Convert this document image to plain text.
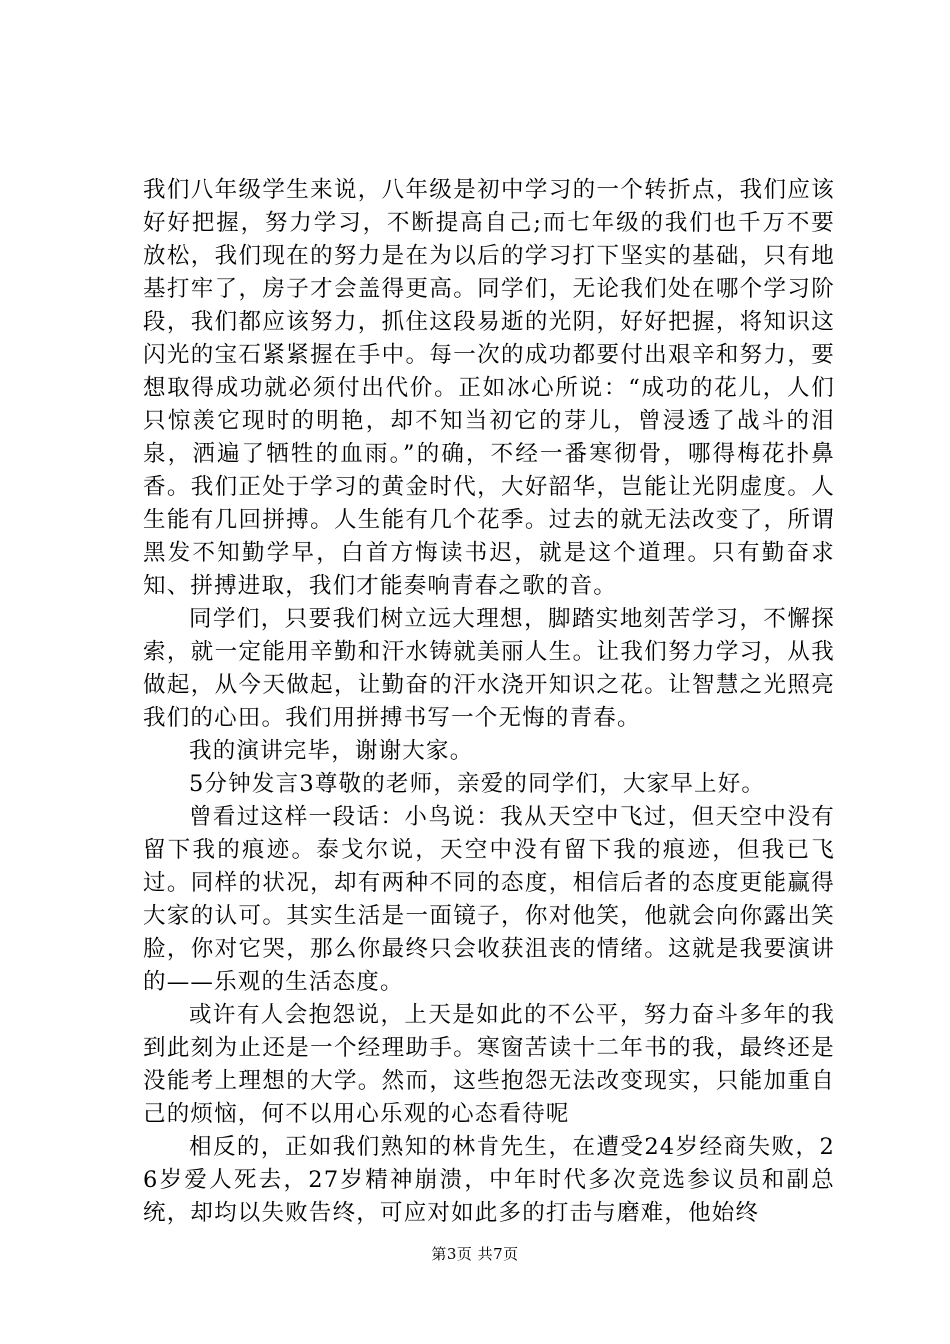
我们八年级学生来说，八年级是初中学习的一个转折点，我们应该好好把握，努力学习，不断提高自己;而七年级的我们也千万不要放松，我们现在的努力是在为以后的学习打下坚实的基础，只有地基打牢了，房子才会盖得更高。同学们，无论我们处在哪个学习阶段，我们都应该努力，抓住这段易逝的光阴，好好把握，将知识这闪光的宝石紧紧握在手中。每一次的成功都要付出艰辛和努力，要想取得成功就必须付出代价。正如冰心所说：“成功的花儿，人们只惊羡它现时的明艳，却不知当初它的芽儿，曾浸透了战斗的泪泉，洒遍了牺牲的血雨。”的确，不经一番寒彻骨，哪得梅花扑鼻香。我们正处于学习的黄金时代，大好韶华，岂能让光阴虚度。人生能有几回拼搏。人生能有几个花季。过去的就无法改变了，所谓黑发不知勤学早，白首方悔读书迟，就是这个道理。只有勤奋求知、拼搏进取，我们才能奏响青春之歌的音。

同学们，只要我们树立远大理想，脚踏实地刻苦学习，不懈探索，就一定能用辛勤和汗水铸就美丽人生。让我们努力学习，从我做起，从今天做起，让勤奋的汗水浇开知识之花。让智慧之光照亮我们的心田。我们用拼搏书写一个无悔的青春。

我的演讲完毕，谢谢大家。

5分钟发言3尊敬的老师，亲爱的同学们，大家早上好。

曾看过这样一段话：小鸟说：我从天空中飞过，但天空中没有留下我的痕迹。泰戈尔说，天空中没有留下我的痕迹，但我已飞过。同样的状况，却有两种不同的态度，相信后者的态度更能赢得大家的认可。其实生活是一面镜子，你对他笑，他就会向你露出笑脸，你对它哭，那么你最终只会收获沮丧的情绪。这就是我要演讲的——乐观的生活态度。

或许有人会抱怨说，上天是如此的不公平，努力奋斗多年的我到此刻为止还是一个经理助手。寒窗苦读十二年书的我，最终还是没能考上理想的大学。然而，这些抱怨无法改变现实，只能加重自己的烦恼，何不以用心乐观的心态看待呢

相反的，正如我们熟知的林肯先生，在遭受24岁经商失败，26岁爱人死去，27岁精神崩溃，中年时代多次竞选参议员和副总统，却均以失败告终，可应对如此多的打击与磨难，他始终

第3页 共7页
